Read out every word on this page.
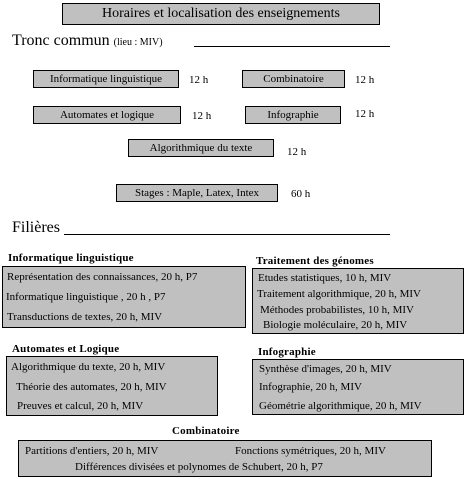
Horaires et localisation des enseignements
Tronc commun (lieu : MIV)
Informatique linguistique 12 h	Combinatoire	12 h
Automates et logique	12 h	Infographie	12 h
Algorithmique du texte	12 h
Stages : Maple, Latex, Intex	60 h
Filières
Informatique linguistique
Représentation des connaissances, 20 h, P7
Informatique linguistique , 20 h , P7
Transductions de textes, 20 h, MIV
Traitement des génomes
Etudes statistiques, 10 h, MIV
Traitement algorithmique, 20 h, MIV
Méthodes probabilistes, 10 h, MIV
Biologie moléculaire, 20 h, MIV
Automates et Logique
Algorithmique du texte, 20 h, MIV
Théorie des automates, 20 h, MIV
Preuves et calcul, 20 h, MIV
Infographie
Synthèse d'images, 20 h, MIV
Infographie, 20 h, MIV
Géométrie algorithmique, 20 h, MIV
Combinatoire
Partitions d'entiers, 20 h, MIV	Fonctions symétriques, 20 h, MIV
Différences divisées et polynomes de Schubert, 20 h, P7
